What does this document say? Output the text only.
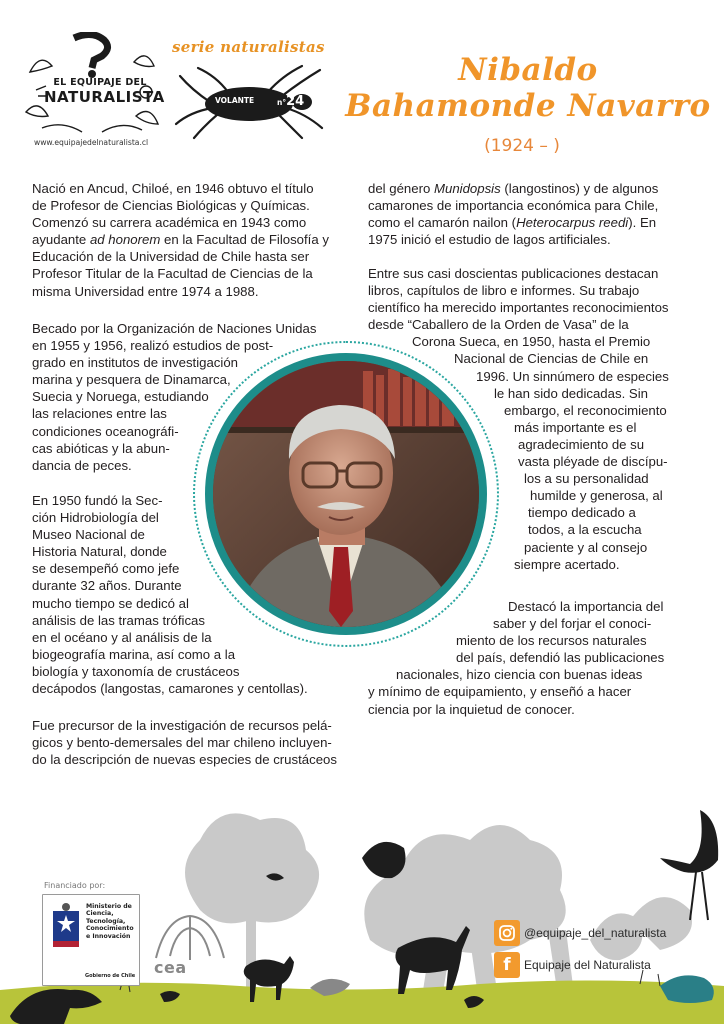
EL EQUIPAJE DEL
NATURALISTA
www.equipajedelnaturalista.cl
serie naturalistas
VOLANTE	n°24
Nibaldo
Bahamonde Navarro
(1924 – )
Nació en Ancud, Chiloé, en 1946 obtuvo el título
de Profesor de Ciencias Biológicas y Químicas.
Comenzó su carrera académica en 1943 como
ayudante ad honorem en la Facultad de Filosofía y
Educación de la Universidad de Chile hasta ser
Profesor Titular de la Facultad de Ciencias de la
misma Universidad entre 1974 a 1988.
Becado por la Organización de Naciones Unidas
en 1955 y 1956, realizó estudios de post-
grado en institutos de investigación
marina y pesquera de Dinamarca,
Suecia y Noruega, estudiando
las relaciones entre las
condiciones oceanográfi-
cas abióticas y la abun-
dancia de peces.
En 1950 fundó la Sec-
ción Hidrobiología del
Museo Nacional de
Historia Natural, donde
se desempeñó como jefe
durante 32 años. Durante
mucho tiempo se dedicó al
análisis de las tramas tróficas
en el océano y al análisis de la
biogeografía marina, así como a la
biología y taxonomía de crustáceos
decápodos (langostas, camarones y centollas).
Fue precursor de la investigación de recursos pelá-
gicos y bento-demersales del mar chileno incluyen-
do la descripción de nuevas especies de crustáceos
del género Munidopsis (langostinos) y de algunos
camarones de importancia económica para Chile,
como el camarón nailon (Heterocarpus reedi). En
1975 inició el estudio de lagos artificiales.
Entre sus casi doscientas publicaciones destacan
libros, capítulos de libro e informes. Su trabajo
científico ha merecido importantes reconocimientos
desde “Caballero de la Orden de Vasa” de la
Corona Sueca, en 1950, hasta el Premio
Nacional de Ciencias de Chile en
1996. Un sinnúmero de especies
le han sido dedicadas. Sin
embargo, el reconocimiento
más importante es el
agradecimiento de su
vasta pléyade de discípu-
los a su personalidad
humilde y generosa, al
tiempo dedicado a
todos, a la escucha
paciente y al consejo
siempre acertado.
Destacó la importancia del
saber y del forjar el conoci-
miento de los recursos naturales
del país, defendió las publicaciones
nacionales, hizo ciencia con buenas ideas
y mínimo de equipamiento, y enseñó a hacer
ciencia por la inquietud de conocer.
Financiado por:
Ministerio de
Ciencia,
Tecnología,
Conocimiento
e Innovación
Gobierno de Chile cea
@equipaje_del_naturalista
f Equipaje del Naturalista
